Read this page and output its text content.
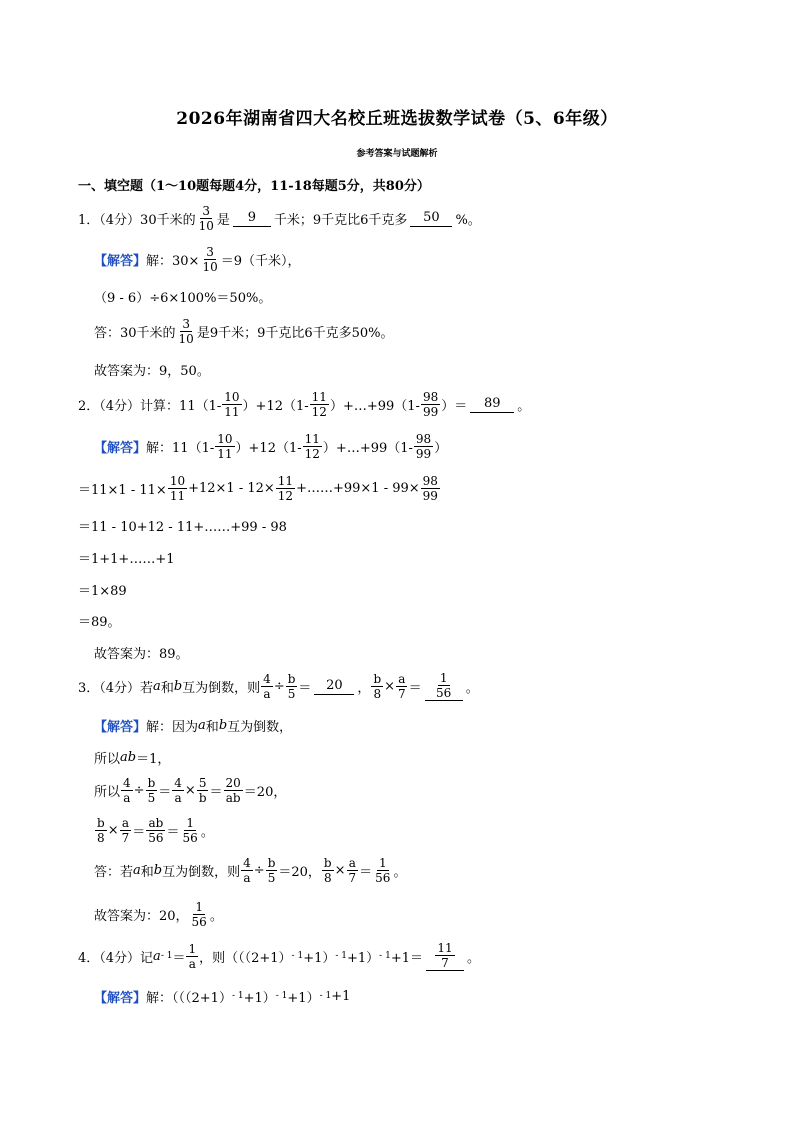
2026年湖南省四大名校丘班选拔数学试卷（5、6年级）
参考答案与试题解析
一、填空题（1～10题每题4分，11-18每题5分，共80分）
1．（4分）30千米的 $\frac{3}{10}$ 是	9	千米；9千克比6千克多	50	%。
【解答】 解：$30\times \frac{3}{10} =9$（千米），
（9 - 6）÷6×100%＝50%。
答：30千米的 $\frac{3}{10}$ 是9千米；9千克比6千克多50%。
故答案为：9，50。
2．（4分）计算： $11(1- \frac{10}{11} )+12(1- \frac{11}{12}$ ）+…+99（1- $\frac{98}{99}$ ）＝	89	。
【解答】 解： $11(1- \frac{10}{11} )+12(1- \frac{11}{12}$ ）+…+99（1- $\frac{98}{99}$ ）
$=11\times 1 - 11\times \frac{10}{11} +12\times 1 - 12\times \frac{11}{12}$ +……+99×1 - $99\times \frac{98}{99}$
＝11 - 10+12 - 11+……+99 - 98
＝1+1+……+1
＝1×89
＝89。
故答案为：89。
3．（4分）若 a 和 b 互为倒数，则 $\frac{4}{a} \div \frac{b}{5}$ ＝	20	， $\frac{b}{8} \times \frac{a}{7} = \frac{1}{56}$ 。
【解答】 解：因为 a 和 b 互为倒数，
所以 ab ＝1，
所以 $\frac{4}{a} \div \frac{b}{5} = \frac{4}{a} \times \frac{5}{b} = \frac{20}{ab} =20$，
$\frac{b}{8} \times \frac{a}{7} = \frac{ab}{56} = \frac{1}{56}$ 。
答：若 a 和 b 互为倒数，则 $\frac{4}{a} \div \frac{b}{5} =20$， $\frac{b}{8} \times \frac{a}{7} = \frac{1}{56}$ 。
故答案为：20， $\frac{1}{56}$ 。
4．（4分）记 $a - 1 = \frac{1}{a}$ ，则$(((2+1) - 1 +1) - 1 +1) - 1 +1= \frac{11}{7}$ 。
【解答】 解：（（（2+1） - 1 +1） - 1 +1） - 1 +1
